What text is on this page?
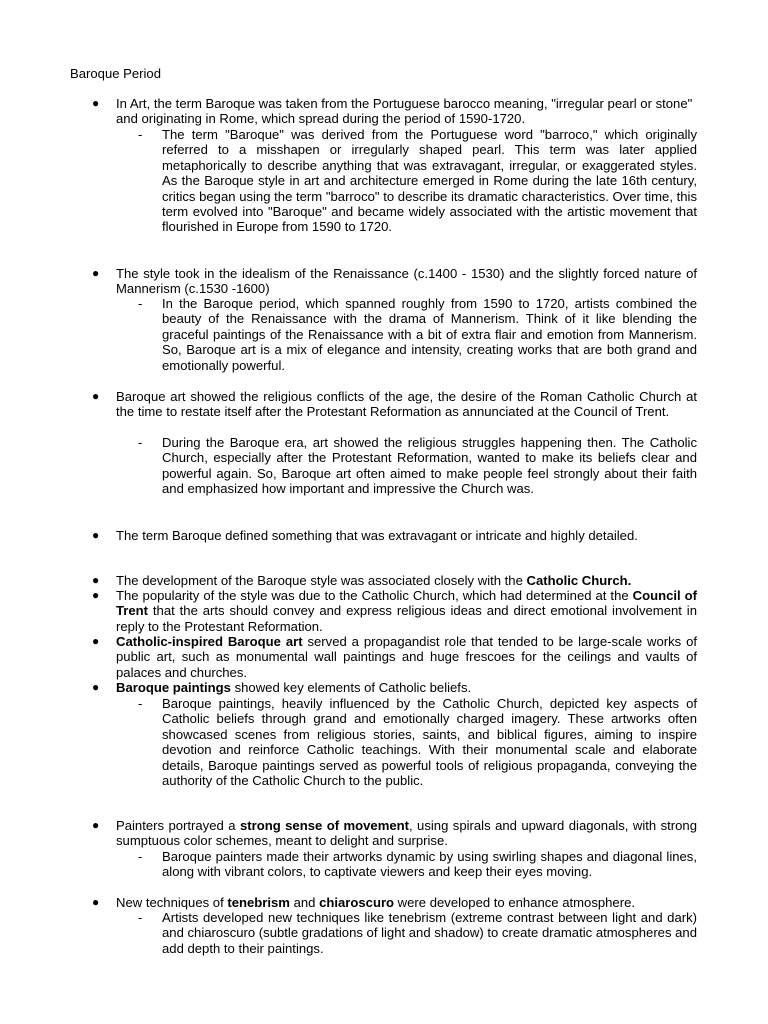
Baroque Period
● In Art, the term Baroque was taken from the Portuguese barocco meaning, "irregular pearl or stone" and originating in Rome, which spread during the period of 1590-1720.
- The term "Baroque" was derived from the Portuguese word "barroco," which originally referred to a misshapen or irregularly shaped pearl. This term was later applied metaphorically to describe anything that was extravagant, irregular, or exaggerated styles. As the Baroque style in art and architecture emerged in Rome during the late 16th century, critics began using the term "barroco" to describe its dramatic characteristics. Over time, this term evolved into "Baroque" and became widely associated with the artistic movement that flourished in Europe from 1590 to 1720.
● The style took in the idealism of the Renaissance (c.1400 - 1530) and the slightly forced nature of Mannerism (c.1530 -1600)
- In the Baroque period, which spanned roughly from 1590 to 1720, artists combined the beauty of the Renaissance with the drama of Mannerism. Think of it like blending the graceful paintings of the Renaissance with a bit of extra flair and emotion from Mannerism. So, Baroque art is a mix of elegance and intensity, creating works that are both grand and emotionally powerful.
● Baroque art showed the religious conflicts of the age, the desire of the Roman Catholic Church at the time to restate itself after the Protestant Reformation as annunciated at the Council of Trent.
- During the Baroque era, art showed the religious struggles happening then. The Catholic Church, especially after the Protestant Reformation, wanted to make its beliefs clear and powerful again. So, Baroque art often aimed to make people feel strongly about their faith and emphasized how important and impressive the Church was.
● The term Baroque defined something that was extravagant or intricate and highly detailed.
● The development of the Baroque style was associated closely with the Catholic Church.
● The popularity of the style was due to the Catholic Church, which had determined at the Council of Trent that the arts should convey and express religious ideas and direct emotional involvement in reply to the Protestant Reformation.
● Catholic-inspired Baroque art served a propagandist role that tended to be large-scale works of public art, such as monumental wall paintings and huge frescoes for the ceilings and vaults of palaces and churches.
● Baroque paintings showed key elements of Catholic beliefs.
- Baroque paintings, heavily influenced by the Catholic Church, depicted key aspects of Catholic beliefs through grand and emotionally charged imagery. These artworks often showcased scenes from religious stories, saints, and biblical figures, aiming to inspire devotion and reinforce Catholic teachings. With their monumental scale and elaborate details, Baroque paintings served as powerful tools of religious propaganda, conveying the authority of the Catholic Church to the public.
● Painters portrayed a strong sense of movement, using spirals and upward diagonals, with strong sumptuous color schemes, meant to delight and surprise.
- Baroque painters made their artworks dynamic by using swirling shapes and diagonal lines, along with vibrant colors, to captivate viewers and keep their eyes moving.
● New techniques of tenebrism and chiaroscuro were developed to enhance atmosphere.
- Artists developed new techniques like tenebrism (extreme contrast between light and dark) and chiaroscuro (subtle gradations of light and shadow) to create dramatic atmospheres and add depth to their paintings.
